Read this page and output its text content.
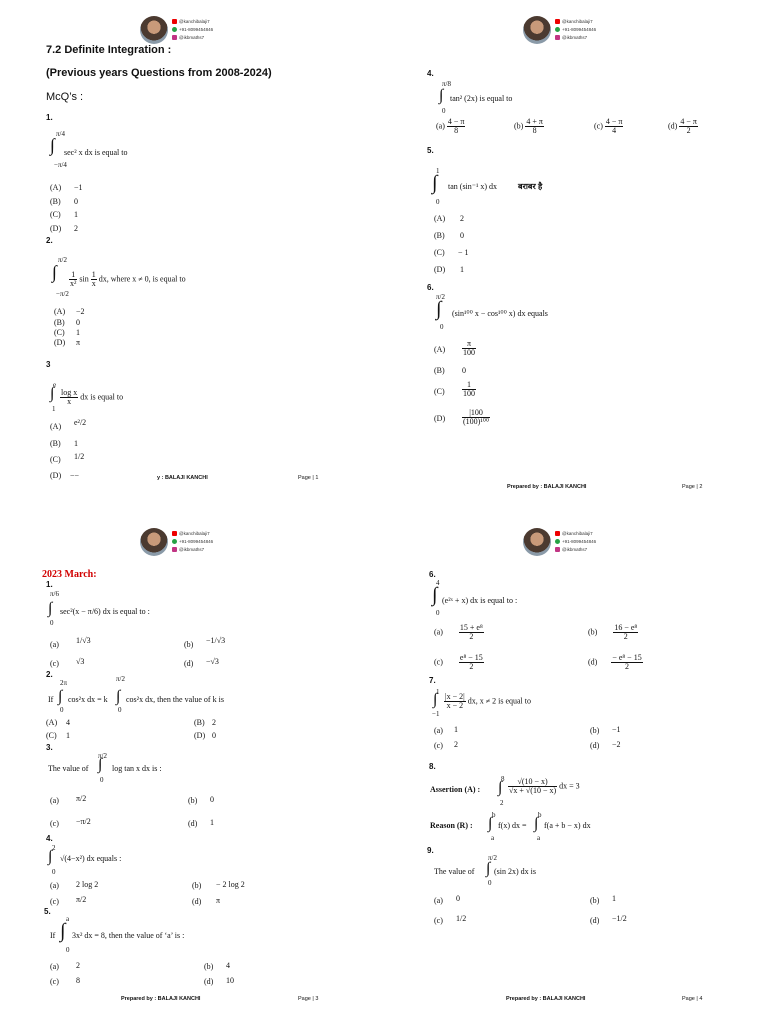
@kanchibalaji7
+91-8099454846
@ikbmaths7
7.2 Definite Integration :
(Previous years Questions from 2008-2024)
McQ’s :
1.
π/4
∫
−π/4
sec² x dx is equal to
(A) −1
(B) 0
(C) 1
(D) 2
2.
π/2
∫
−π/2
$\frac{1}{\text{x²}}$ $\sin \frac{1}{x}$ dx, where x ≠ 0, is equal to
(A) −2
(B) 0
(C) 1
(D) π
3
e
∫
1
$\frac{\text{log x}}{x}$ dx is equal to
(A) e²/2
(B) 1
(C) 1/2
(D) −−	y : BALAJI KANCHI	Page | 1
@kanchibalaji7
+91-8099454846
@ikbmaths7
4.
π/8
∫
0
tan² (2x) is equal to
$(a) \frac{4 - \pi}{8}$	$(b) \frac{4 + \pi}{8}$	$(c) \frac{4 - \pi}{4}$	$(d) \frac{4 - \pi}{2}$
5.
1
∫
0
tan (sin⁻¹ x) dx	बराबर है
(A) 2
(B) 0
(C) − 1
(D) 1
6.
π/2
∫
0
(sin¹⁰⁰ x − cos¹⁰⁰ x) dx equals
$(A) \frac{\pi}{100}$
(B) 0
$(C) \frac{1}{100}$
$(D) \frac{|100}{\text{(100)¹⁰⁰}}$
Prepared by : BALAJI KANCHI	Page | 2
@kanchibalaji7
+91-8099454846
@ikbmaths7
2023 March:
1.
π/6
∫
0
sec²(x − π/6) dx is equal to :
(a) 1/√3	(b) −1/√3
(c) √3	(d) −√3
2.
2π
If ∫
0
cos²x dx = k
π/2
∫
0
cos²x dx, then the value of k is
(A) 4	(B) 2
(C) 1	(D) 0
3.
π/2
The value of ∫
0
log tan x dx is :
(a) π/2	(b) 0
(c) −π/2	(d) 1
4.
2
∫
0
√(4−x²) dx equals :
(a) 2 log 2	(b) − 2 log 2
(c) π/2	(d) π
5.
a
If ∫
0
3x² dx = 8, then the value of ‘a’ is :
(a) 2	(b) 4
(c) 8	(d) 10
Prepared by : BALAJI KANCHI	Page | 3
@kanchibalaji7
+91-8099454846
@ikbmaths7
6.
4
∫
0
(e²ˣ + x) dx is equal to :
$(a) \frac{\text{15 + e⁸}}{2}$	$(b) \frac{\text{16 − e⁸}}{2}$
$(c) \frac{\text{e⁸ − 15}}{2}$	$(d) \frac{\text{− e⁸ − 15}}{2}$
7.
1
∫
−1
$\frac{|x - 2|}{x - 2}$ dx, x ≠ 2 is equal to
(a) 1	(b) −1
(c) 2	(d) −2
8.
Assertion (A) :
8
∫
2
$\frac{√(10 - x)}{√x + √(10 - x)}$ dx = 3
Reason (R) :
b
∫
a
f(x) dx =
b
∫
a
f(a + b − x) dx
9.
π/2
The value of ∫
0
(sin 2x) dx is
(a) 0	(b) 1
(c) 1/2	(d) −1/2
Prepared by : BALAJI KANCHI	Page | 4
